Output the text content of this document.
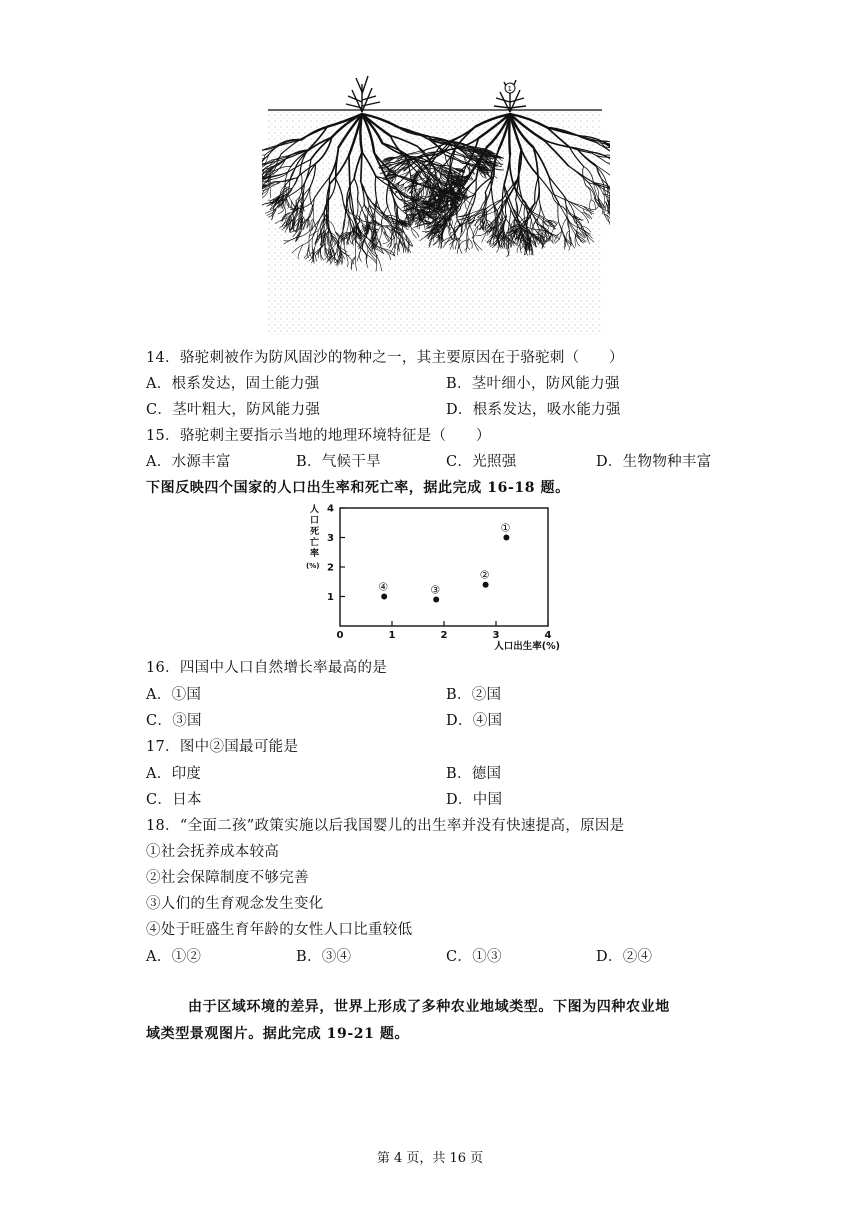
1
14．骆驼刺被作为防风固沙的物种之一，其主要原因在于骆驼刺（　　）
A．根系发达，固土能力强	B．茎叶细小，防风能力强
C．茎叶粗大，防风能力强	D．根系发达，吸水能力强
15．骆驼刺主要指示当地的地理环境特征是（　　）
A．水源丰富	B．气候干旱	C．光照强	D．生物物种丰富
下图反映四个国家的人口出生率和死亡率，据此完成 16-18 题。
0	1	2	3	4
1
2
3
4
人口死亡率(%)
人口出生率(%)
①
②
③
④
16．四国中人口自然增长率最高的是
A．①国	B．②国
C．③国	D．④国
17．图中②国最可能是
A．印度	B．德国
C．日本	D．中国
18．“全面二孩”政策实施以后我国婴儿的出生率并没有快速提高，原因是
①社会抚养成本较高
②社会保障制度不够完善
③人们的生育观念发生变化
④处于旺盛生育年龄的女性人口比重较低
A．①②	B．③④	C．①③	D．②④
由于区域环境的差异，世界上形成了多种农业地域类型。下图为四种农业地
域类型景观图片。据此完成 19-21 题。
第 4 页，共 16 页
